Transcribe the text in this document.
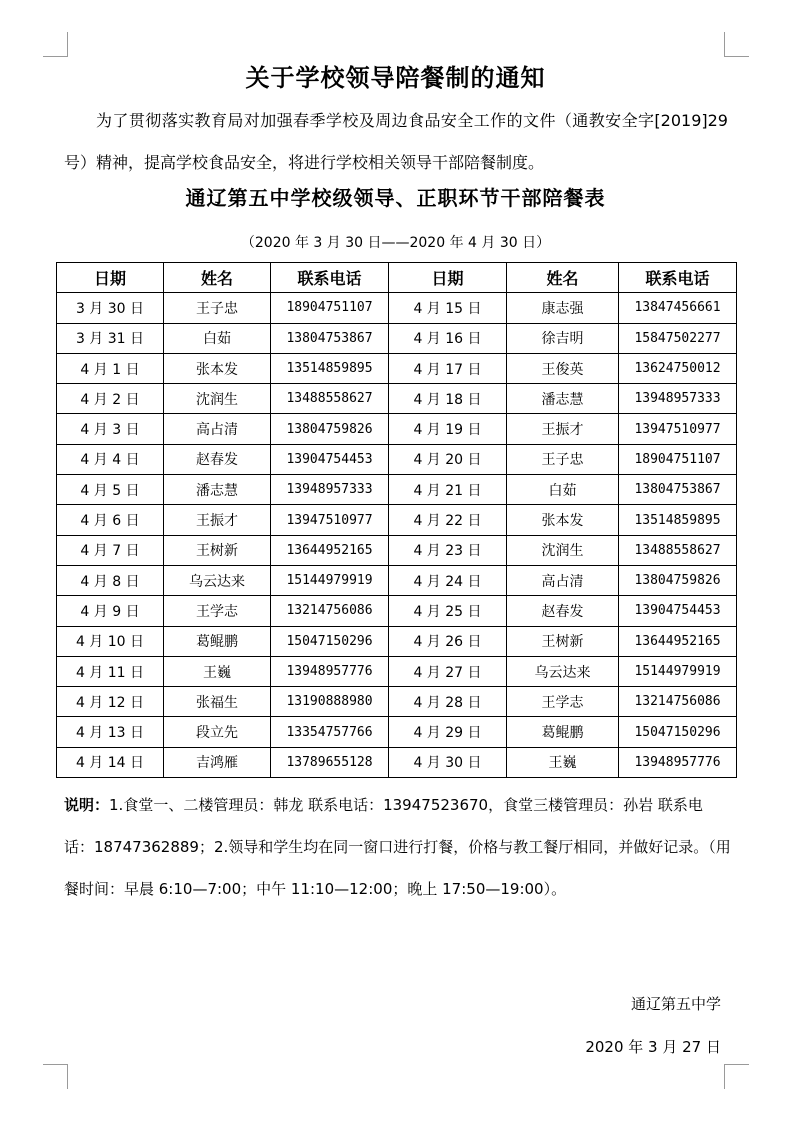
关于学校领导陪餐制的通知

为了贯彻落实教育局对加强春季学校及周边食品安全工作的文件（通教安全字[2019]29号）精神，提高学校食品安全，将进行学校相关领导干部陪餐制度。

通辽第五中学校级领导、正职环节干部陪餐表
（2020 年 3 月 30 日——2020 年 4 月 30 日）
日期	姓名	联系电话	日期	姓名	联系电话
3 月 30 日	王子忠	18904751107	4 月 15 日	康志强	13847456661
3 月 31 日	白茹	13804753867	4 月 16 日	徐吉明	15847502277
4 月 1 日	张本发	13514859895	4 月 17 日	王俊英	13624750012
4 月 2 日	沈润生	13488558627	4 月 18 日	潘志慧	13948957333
4 月 3 日	高占清	13804759826	4 月 19 日	王振才	13947510977
4 月 4 日	赵春发	13904754453	4 月 20 日	王子忠	18904751107
4 月 5 日	潘志慧	13948957333	4 月 21 日	白茹	13804753867
4 月 6 日	王振才	13947510977	4 月 22 日	张本发	13514859895
4 月 7 日	王树新	13644952165	4 月 23 日	沈润生	13488558627
4 月 8 日	乌云达来	15144979919	4 月 24 日	高占清	13804759826
4 月 9 日	王学志	13214756086	4 月 25 日	赵春发	13904754453
4 月 10 日	葛鲲鹏	15047150296	4 月 26 日	王树新	13644952165
4 月 11 日	王巍	13948957776	4 月 27 日	乌云达来	15144979919
4 月 12 日	张福生	13190888980	4 月 28 日	王学志	13214756086
4 月 13 日	段立先	13354757766	4 月 29 日	葛鲲鹏	15047150296
4 月 14 日	吉鸿雁	13789655128	4 月 30 日	王巍	13948957776

说明：1.食堂一、二楼管理员：韩龙 联系电话：13947523670，食堂三楼管理员：孙岩 联系电话：18747362889；2.领导和学生均在同一窗口进行打餐，价格与教工餐厅相同，并做好记录。（用餐时间：早晨 6:10—7:00；中午 11:10—12:00；晚上 17:50—19:00）。

通辽第五中学
2020 年 3 月 27 日
